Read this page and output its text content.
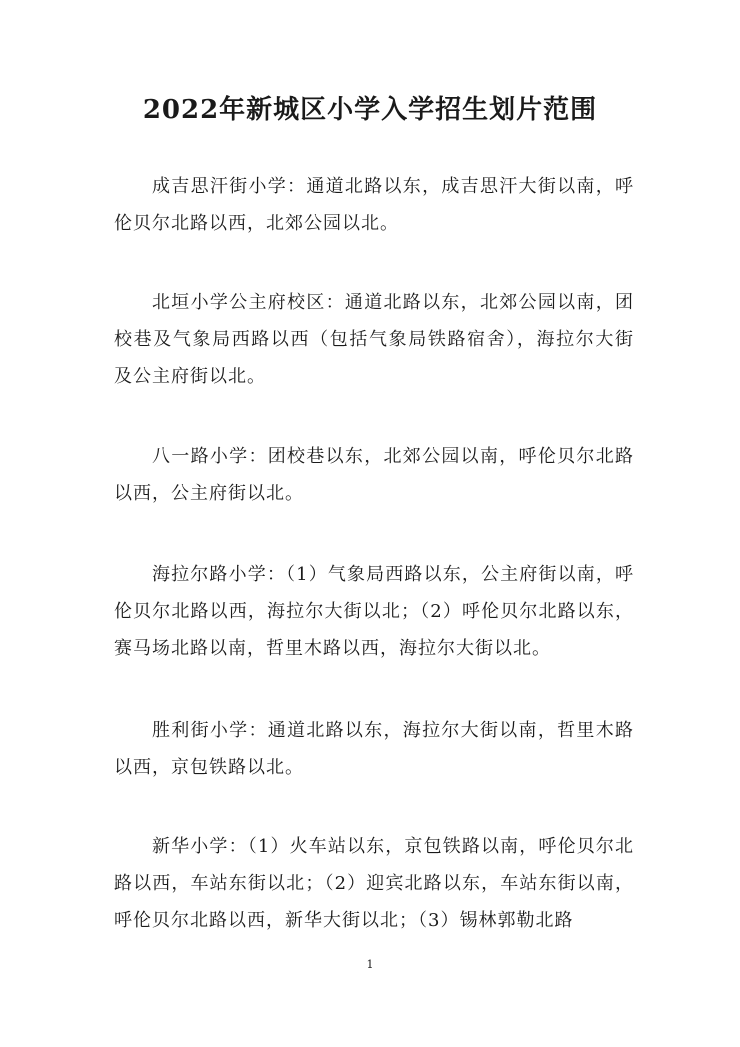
2022年新城区小学入学招生划片范围
成吉思汗街小学：通道北路以东，成吉思汗大街以南，呼伦贝尔北路以西，北郊公园以北。
北垣小学公主府校区：通道北路以东，北郊公园以南，团校巷及气象局西路以西（包括气象局铁路宿舍），海拉尔大街及公主府街以北。
八一路小学：团校巷以东，北郊公园以南，呼伦贝尔北路以西，公主府街以北。
海拉尔路小学：（1）气象局西路以东，公主府街以南，呼伦贝尔北路以西，海拉尔大街以北；（2）呼伦贝尔北路以东，赛马场北路以南，哲里木路以西，海拉尔大街以北。
胜利街小学：通道北路以东，海拉尔大街以南，哲里木路以西，京包铁路以北。
新华小学：（1）火车站以东，京包铁路以南，呼伦贝尔北路以西，车站东街以北；（2）迎宾北路以东，车站东街以南，呼伦贝尔北路以西，新华大街以北；（3）锡林郭勒北路
1
